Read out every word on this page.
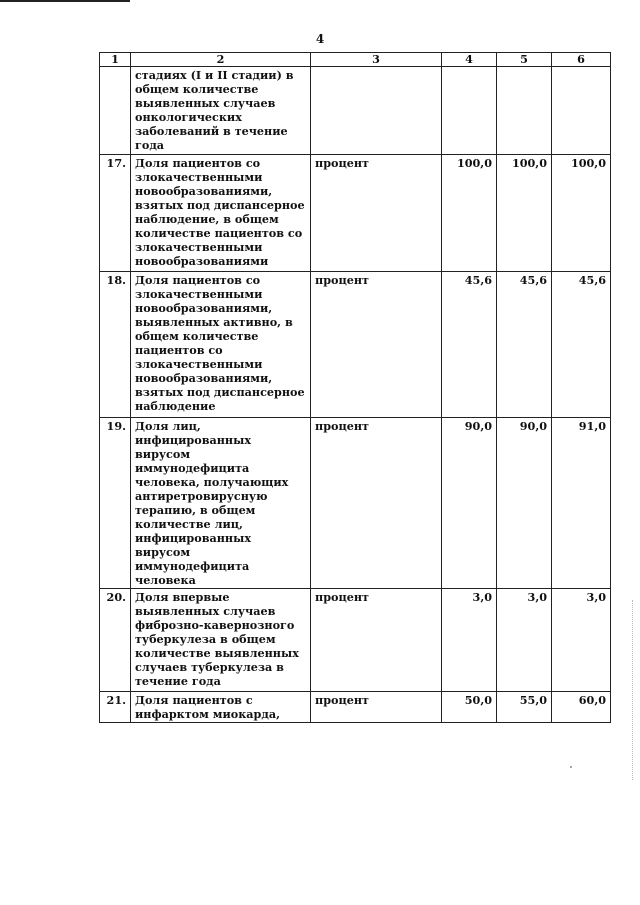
4
1	2	3	4	5	6
	стадиях (I и II стадии) в общем количестве выявленных случаев онкологических заболеваний в течение года				
17.	Доля пациентов со злокачественными новообразованиями, взятых под диспансерное наблюдение, в общем количестве пациентов со злокачественными новообразованиями	процент	100,0	100,0	100,0
18.	Доля пациентов со злокачественными новообразованиями, выявленных активно, в общем количестве пациентов со злокачественными новообразованиями, взятых под диспансерное наблюдение	процент	45,6	45,6	45,6
19.	Доля лиц, инфицированных вирусом иммунодефицита человека, получающих антиретровирусную терапию, в общем количестве лиц, инфицированных вирусом иммунодефицита человека	процент	90,0	90,0	91,0
20.	Доля впервые выявленных случаев фиброзно-кавернозного туберкулеза в общем количестве выявленных случаев туберкулеза в течение года	процент	3,0	3,0	3,0
21.	Доля пациентов с инфарктом миокарда,	процент	50,0	55,0	60,0
